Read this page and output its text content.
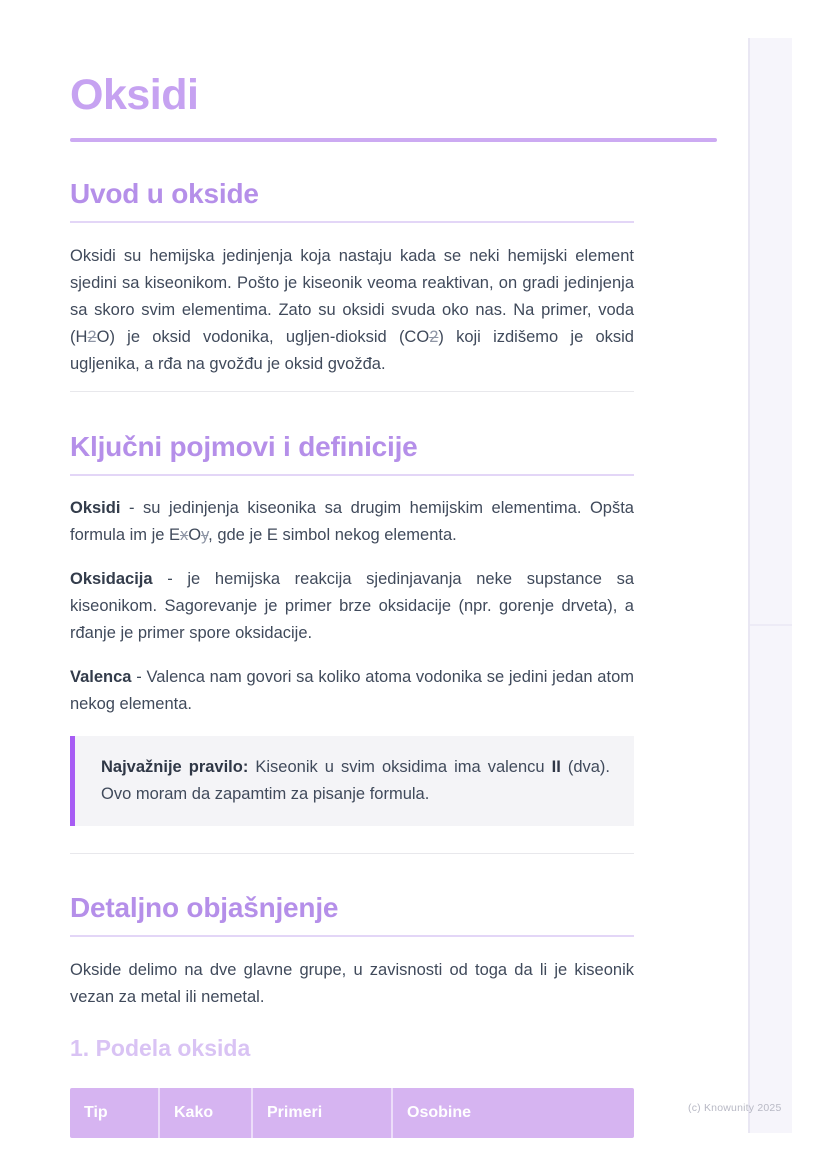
Oksidi
Uvod u okside

Oksidi su hemijska jedinjenja koja nastaju kada se neki hemijski element sjedini sa kiseonikom. Pošto je kiseonik veoma reaktivan, on gradi jedinjenja sa skoro svim elementima. Zato su oksidi svuda oko nas. Na primer, voda (H2O) je oksid vodonika, ugljen-dioksid (CO2) koji izdišemo je oksid ugljenika, a rđa na gvožđu je oksid gvožđa.

Ključni pojmovi i definicije

Oksidi - su jedinjenja kiseonika sa drugim hemijskim elementima. Opšta formula im je ExOy, gde je E simbol nekog elementa.

Oksidacija - je hemijska reakcija sjedinjavanja neke supstance sa kiseonikom. Sagorevanje je primer brze oksidacije (npr. gorenje drveta), a rđanje je primer spore oksidacije.

Valenca - Valenca nam govori sa koliko atoma vodonika se jedini jedan atom nekog elementa.

Najvažnije pravilo: Kiseonik u svim oksidima ima valencu II (dva). Ovo moram da zapamtim za pisanje formula.

Detaljno objašnjenje

Okside delimo na dve glavne grupe, u zavisnosti od toga da li je kiseonik vezan za metal ili nemetal.

1. Podela oksida
Tip	Kako	Primeri	Osobine	(c) Knowunity 2025
